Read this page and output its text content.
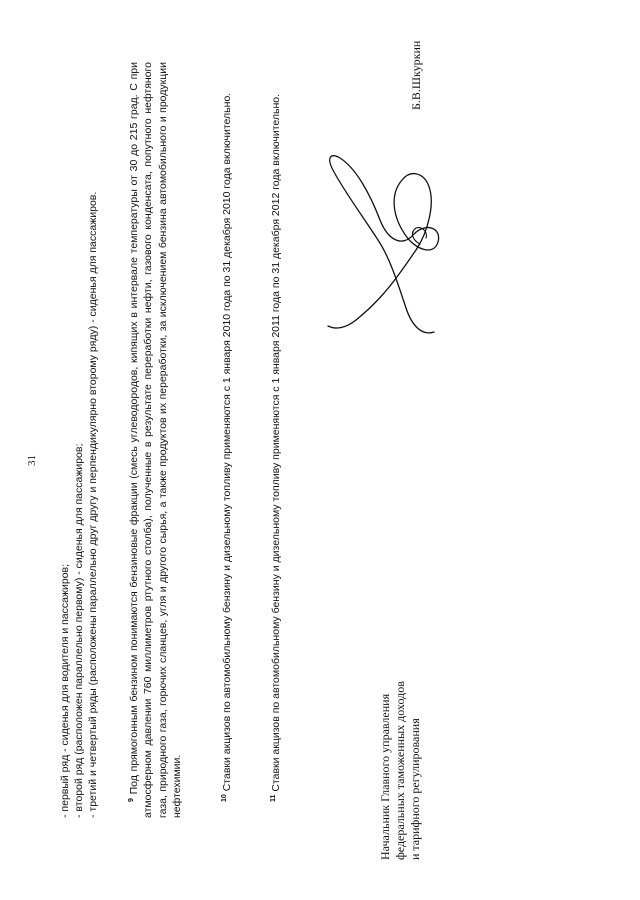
31
- первый ряд - сиденья для водителя и пассажиров; - второй ряд (расположен параллельно первому) - сиденья для пассажиров; - третий и четвертый ряды (расположены параллельно друг другу и перпендикулярно второму ряду) - сиденья для пассажиров.	$^9$ Под прямогонным бензином понимаются бензиновые фракции (смесь углеводородов, кипящих в интервале температуры от 30 до 215 град. С при атмосферном давлении 760 миллиметров ртутного столба), полученные в результате переработки нефти, газового конденсата, попутного нефтяного газа, природного газа, горючих сланцев, угля и другого сырья, а также продуктов их переработки, за исключением бензина автомобильного и продукции нефтехимии.	$^{10}$ Ставки акцизов по автомобильному бензину и дизельному топливу применяются с 1 января 2010 года по 31 декабря 2010 года включительно.

$^{11}$ Ставки акцизов по автомобильному бензину и дизельному топливу применяются с 1 января 2011 года по 31 декабря 2012 года включительно.	Начальник Главного управления федеральных таможенных доходов и тарифного регулирования
Б.В.Шкуркин
